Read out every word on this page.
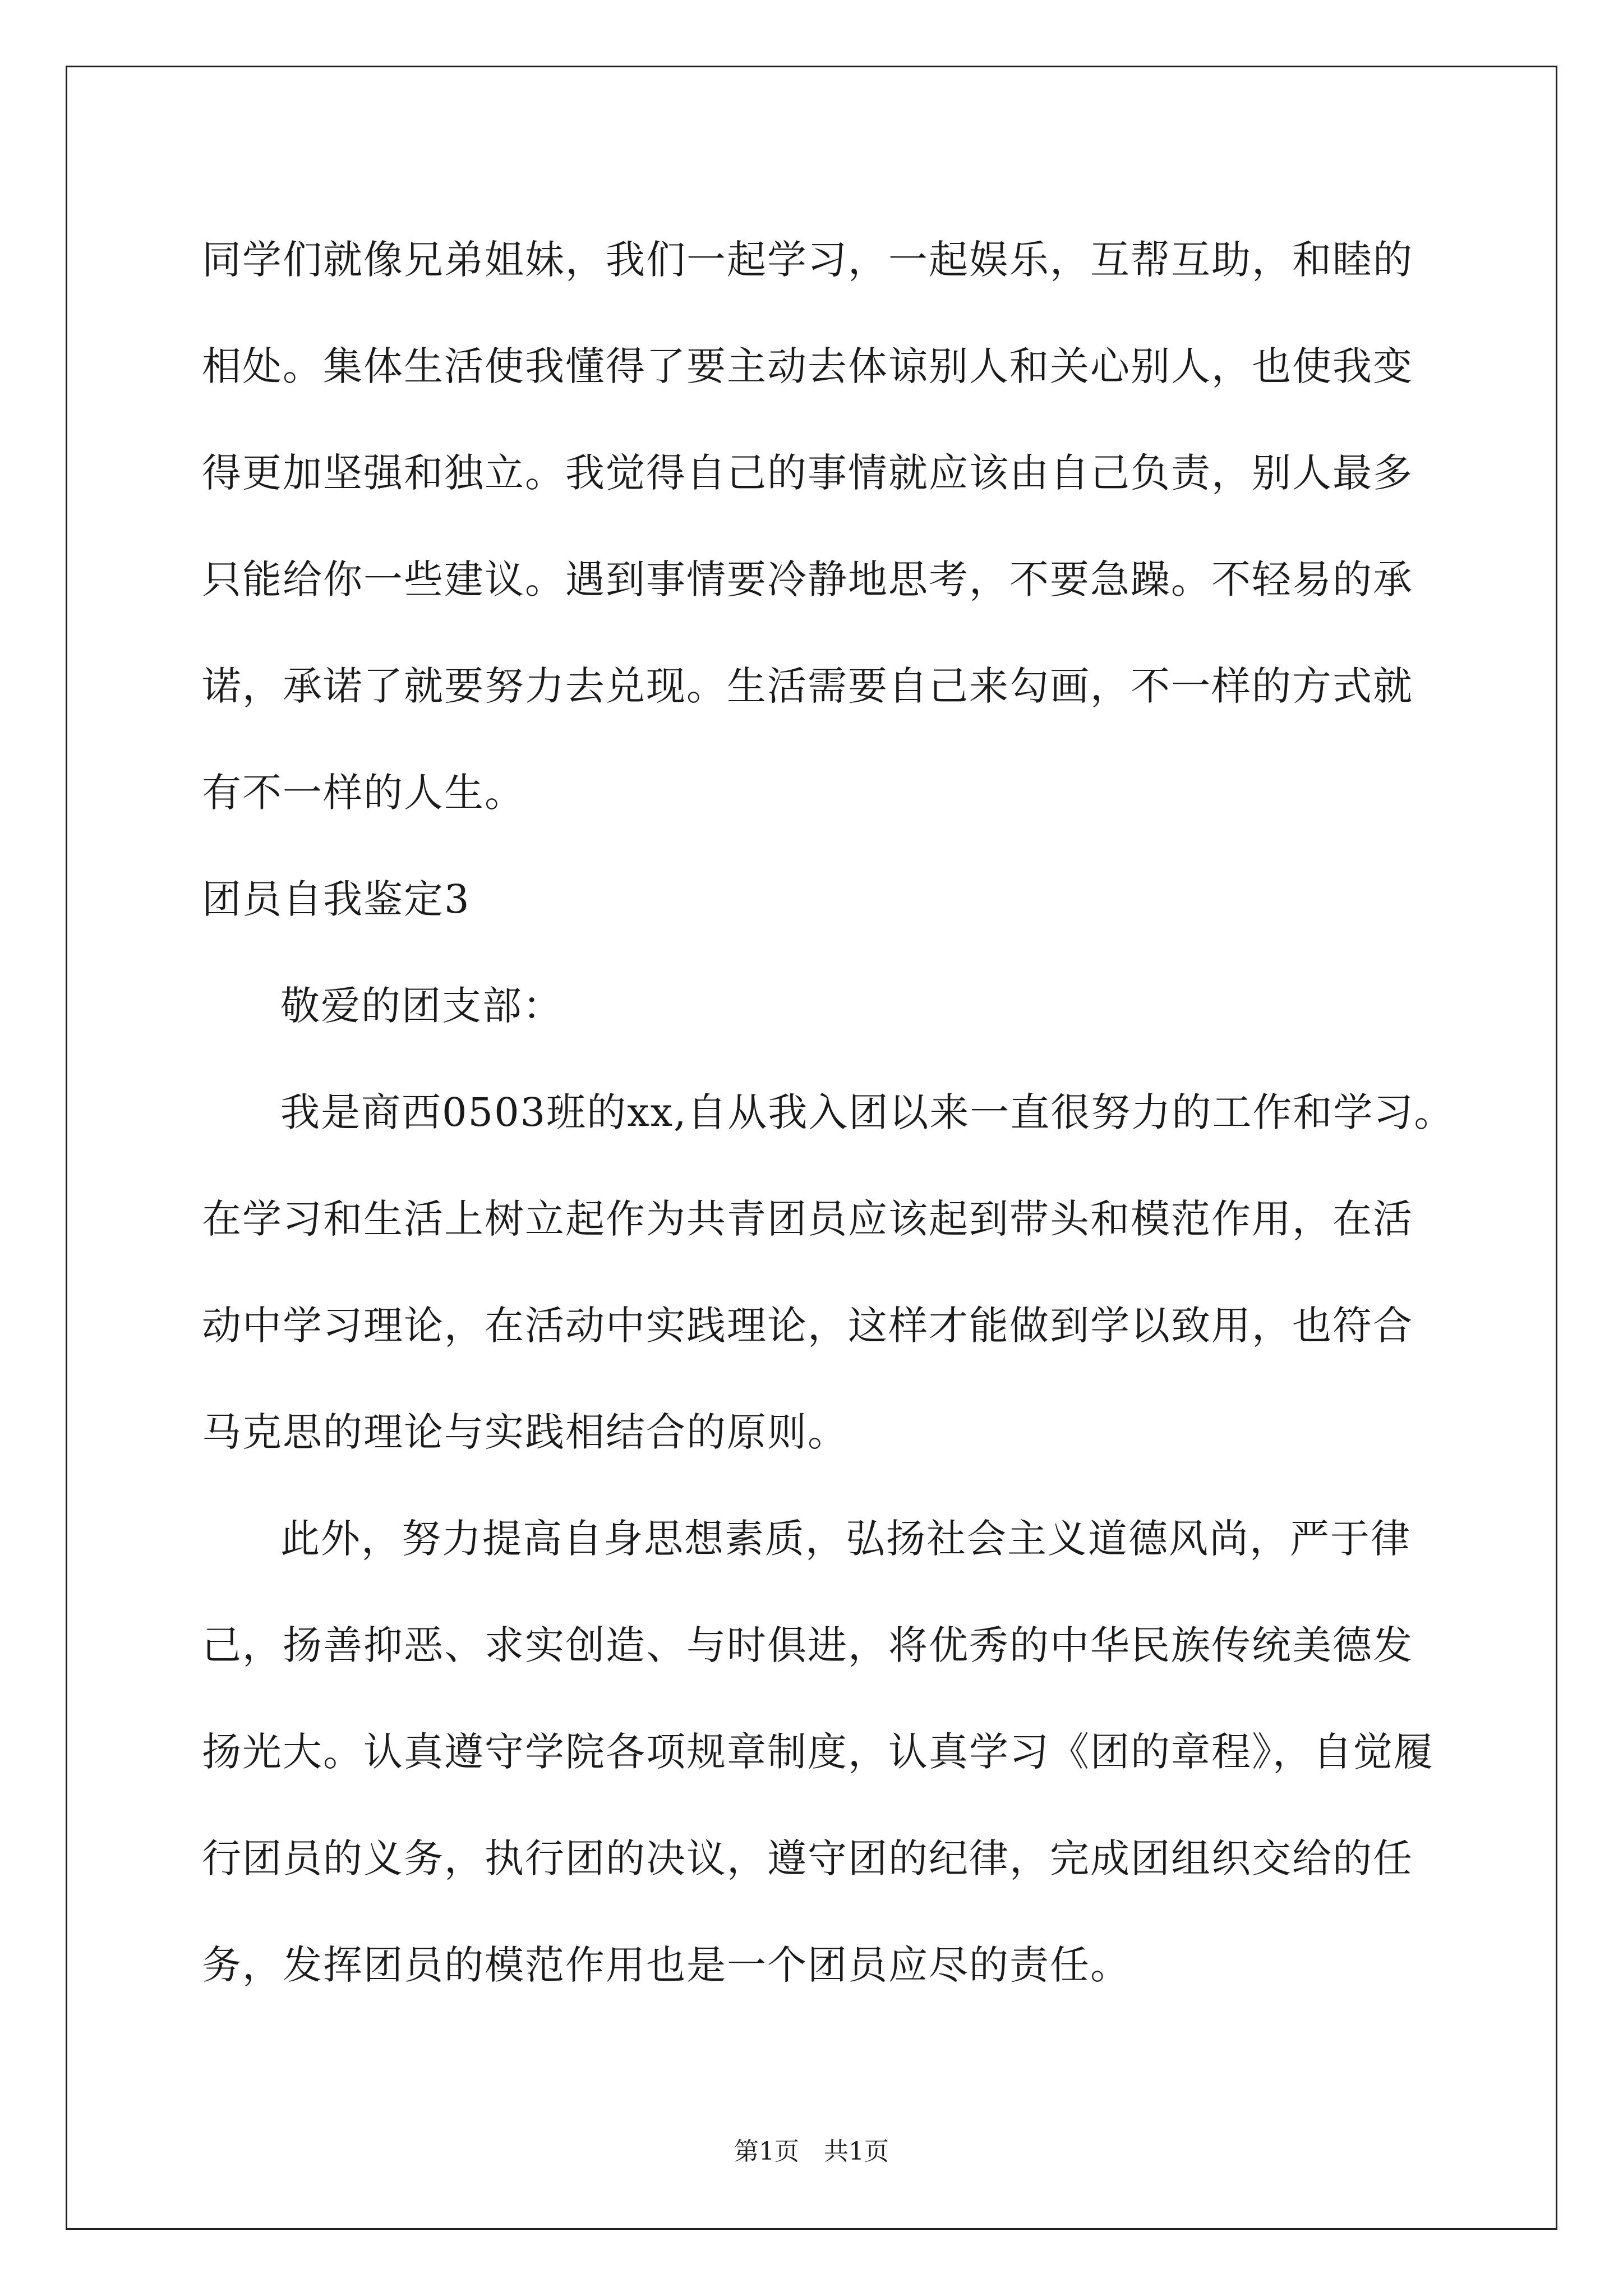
同学们就像兄弟姐妹，我们一起学习，一起娱乐，互帮互助，和睦的
相处。集体生活使我懂得了要主动去体谅别人和关心别人，也使我变
得更加坚强和独立。我觉得自己的事情就应该由自己负责，别人最多
只能给你一些建议。遇到事情要冷静地思考，不要急躁。不轻易的承
诺，承诺了就要努力去兑现。生活需要自己来勾画，不一样的方式就
有不一样的人生。
团员自我鉴定3
敬爱的团支部：
我是商西0503班的xx,自从我入团以来一直很努力的工作和学习。
在学习和生活上树立起作为共青团员应该起到带头和模范作用，在活
动中学习理论，在活动中实践理论，这样才能做到学以致用，也符合
马克思的理论与实践相结合的原则。
此外，努力提高自身思想素质，弘扬社会主义道德风尚，严于律
己，扬善抑恶、求实创造、与时俱进，将优秀的中华民族传统美德发
扬光大。认真遵守学院各项规章制度，认真学习《团的章程》，自觉履
行团员的义务，执行团的决议，遵守团的纪律，完成团组织交给的任
务，发挥团员的模范作用也是一个团员应尽的责任。
第1页　共1页
